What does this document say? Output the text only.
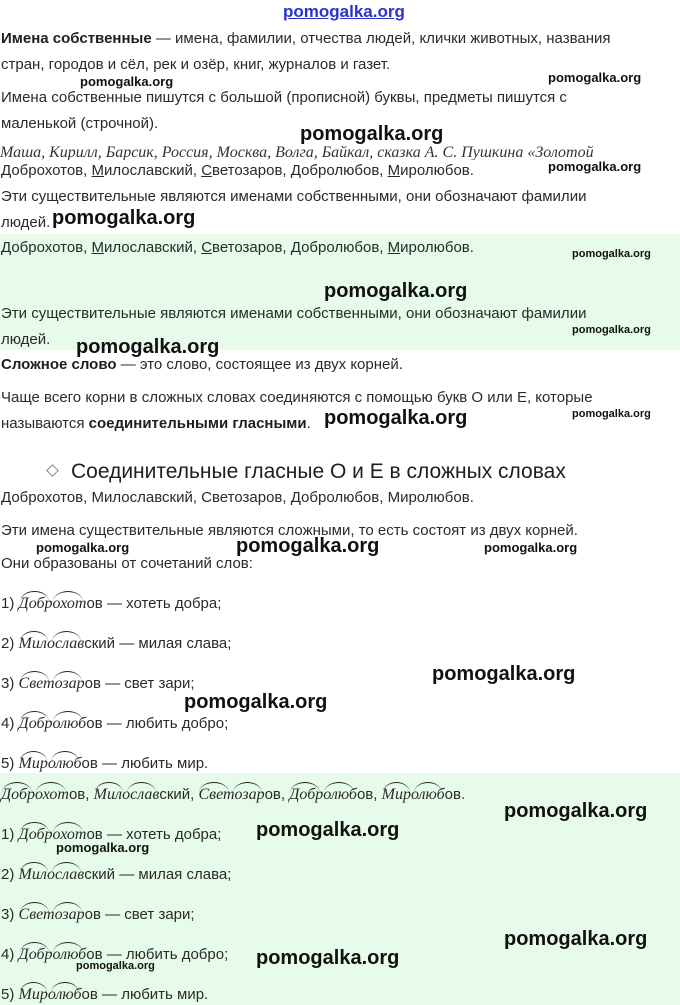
pomogalka.org
Имена собственные — имена, фамилии, отчества людей, клички животных, названия
стран, городов и сёл, рек и озёр, книг, журналов и газет.
Имена собственные пишутся с большой (прописной) буквы, предметы пишутся с
маленькой (строчной).
Маша, Кирилл, Барсик, Россия, Москва, Волга, Байкал, сказка А. С. Пушкина «Золотой
Доброхотов, Милославский, Светозаров, Добролюбов, Миролюбов.
Эти существительные являются именами собственными, они обозначают фамилии
людей.
Доброхотов, Милославский, Светозаров, Добролюбов, Миролюбов.
Эти существительные являются именами собственными, они обозначают фамилии
людей.
Сложное слово — это слово, состоящее из двух корней.
Чаще всего корни в сложных словах соединяются с помощью букв О или Е, которые
называются соединительными гласными.
Соединительные гласные О и Е в сложных словах
Доброхотов, Милославский, Светозаров, Добролюбов, Миролюбов.
Эти имена существительные являются сложными, то есть состоят из двух корней.
Они образованы от сочетаний слов:
1) Доброхотов — хотеть добра;
2) Милославский — милая слава;
3) Светозаров — свет зари;
4) Добролюбов — любить добро;
5) Миролюбов — любить мир.
Доброхотов, Милославский, Светозаров, Добролюбов, Миролюбов.
1) Доброхотов — хотеть добра;
2) Милославский — милая слава;
3) Светозаров — свет зари;
4) Добролюбов — любить добро;
5) Миролюбов — любить мир.
pomogalka.org	pomogalka.org
pomogalka.org
pomogalka.org
pomogalka.org
pomogalka.org
pomogalka.org
pomogalka.org
pomogalka.org
pomogalka.org
pomogalka.org
pomogalka.org	pomogalka.org	pomogalka.org
pomogalka.org
pomogalka.org
pomogalka.org
pomogalka.org
pomogalka.org
pomogalka.org
pomogalka.org
pomogalka.org
